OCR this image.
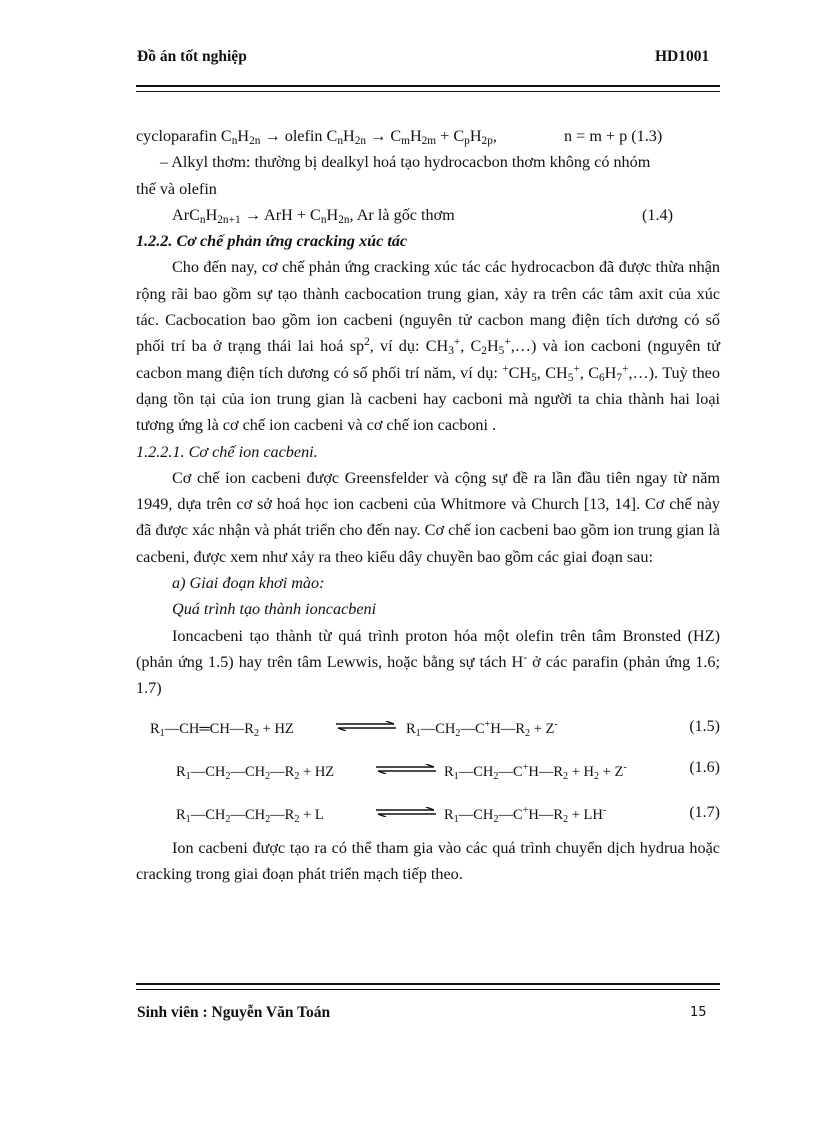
Đồ án tốt nghiệp	HD1001
cycloparafin $C_nH_{2n}$ → olefin $C_nH_{2n} \to C_mH_{2m} + C_pH_{2p}$,	n = m + p (1.3)

– Alkyl thơm: thường bị dealkyl hoá tạo hydrocacbon thơm không có nhóm

thế và olefin

$ArC_nH_{2n+1}$ → ArH + $C_nH_{2n}$, Ar là gốc thơm	(1.4)

1.2.2. Cơ chế phản ứng cracking xúc tác

Cho đến nay, cơ chế phản ứng cracking xúc tác các hydrocacbon đã được thừa nhận rộng rãi bao gồm sự tạo thành cacbocation trung gian, xảy ra trên các tâm axit của xúc tác. Cacbocation bao gồm ion cacbeni (nguyên tử cacbon mang điện tích dương có số phối trí ba ở trạng thái lai hoá $sp^2$, ví dụ: $CH_3^+$, $C_2H_5^+,\dots$) và ion cacboni (nguyên tử cacbon mang điện tích dương có số phối trí năm, ví dụ: $^+CH_5$, $CH_5^+$, $C_6H_7^+,\dots$). Tuỳ theo dạng tồn tại của ion trung gian là cacbeni hay cacboni mà người ta chia thành hai loại tương ứng là cơ chế ion cacbeni và cơ chế ion cacboni .

1.2.2.1. Cơ chế ion cacbeni.

Cơ chế ion cacbeni được Greensfelder và cộng sự đề ra lần đầu tiên ngay từ năm 1949, dựa trên cơ sở hoá học ion cacbeni của Whitmore và Church [13, 14]. Cơ chế này đã được xác nhận và phát triển cho đến nay. Cơ chế ion cacbeni bao gồm ion trung gian là cacbeni, được xem như xảy ra theo kiểu dây chuyền bao gồm các giai đoạn sau:

a) Giai đoạn khơi mào:

Quá trình tạo thành ioncacbeni

Ioncacbeni tạo thành từ quá trình proton hóa một olefin trên tâm Bronsted (HZ) (phản ứng 1.5) hay trên tâm Lewwis, hoặc bằng sự tách H- ở các parafin (phản ứng 1.6; 1.7)

$R_1—CH═CH—R_2$ + HZ	$R_1—CH_2—C^+H—R_2 + Z^-$	(1.5)
$R_1—CH_2—CH_2—R_2$ + HZ	$R_1—CH_2—C^+H—R_2 + H_2 + Z^-$	(1.6)
$R_1—CH_2—CH_2—R_2 + L$	$R_1—CH_2—C^+H—R_2 + LH^-$	(1.7)

Ion cacbeni được tạo ra có thể tham gia vào các quá trình chuyển dịch hydrua hoặc cracking trong giai đoạn phát triển mạch tiếp theo.

Sinh viên : Nguyễn Văn Toán	15
